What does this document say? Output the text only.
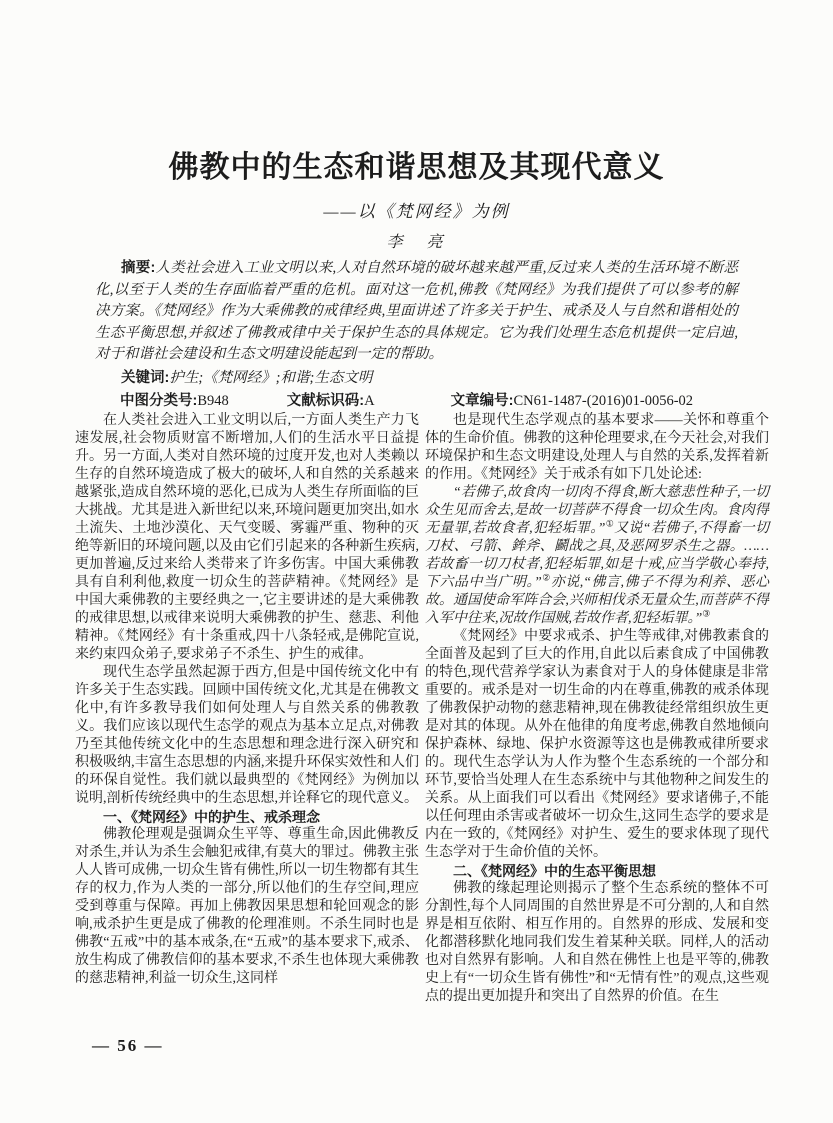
佛教中的生态和谐思想及其现代意义
——以《梵网经》为例
李　亮
摘要:人类社会进入工业文明以来,人对自然环境的破坏越来越严重,反过来人类的生活环境不断恶化,以至于人类的生存面临着严重的危机。面对这一危机,佛教《梵网经》为我们提供了可以参考的解决方案。《梵网经》作为大乘佛教的戒律经典,里面讲述了许多关于护生、戒杀及人与自然和谐相处的生态平衡思想,并叙述了佛教戒律中关于保护生态的具体规定。它为我们处理生态危机提供一定启迪,对于和谐社会建设和生态文明建设能起到一定的帮助。
关键词:护生;《梵网经》;和谐;生态文明
中图分类号:B948	文献标识码:A	文章编号:CN61-1487-(2016)01-0056-02

在人类社会进入工业文明以后,一方面人类生产力飞速发展,社会物质财富不断增加,人们的生活水平日益提升。另一方面,人类对自然环境的过度开发,也对人类赖以生存的自然环境造成了极大的破坏,人和自然的关系越来越紧张,造成自然环境的恶化,已成为人类生存所面临的巨大挑战。尤其是进入新世纪以来,环境问题更加突出,如水土流失、土地沙漠化、天气变暖、雾霾严重、物种的灭绝等新旧的环境问题,以及由它们引起来的各种新生疾病,更加普遍,反过来给人类带来了许多伤害。中国大乘佛教具有自利利他,救度一切众生的菩萨精神。《梵网经》是中国大乘佛教的主要经典之一,它主要讲述的是大乘佛教的戒律思想,以戒律来说明大乘佛教的护生、慈悲、利他精神。《梵网经》有十条重戒,四十八条轻戒,是佛陀宣说,来约束四众弟子,要求弟子不杀生、护生的戒律。

现代生态学虽然起源于西方,但是中国传统文化中有许多关于生态实践。回顾中国传统文化,尤其是在佛教文化中,有许多教导我们如何处理人与自然关系的佛教教义。我们应该以现代生态学的观点为基本立足点,对佛教乃至其他传统文化中的生态思想和理念进行深入研究和积极吸纳,丰富生态思想的内涵,来提升环保实效性和人们的环保自觉性。我们就以最典型的《梵网经》为例加以说明,剖析传统经典中的生态思想,并诠释它的现代意义。

一、《梵网经》中的护生、戒杀理念

佛教伦理观是强调众生平等、尊重生命,因此佛教反对杀生,并认为杀生会触犯戒律,有莫大的罪过。佛教主张人人皆可成佛,一切众生皆有佛性,所以一切生物都有其生存的权力,作为人类的一部分,所以他们的生存空间,理应受到尊重与保障。再加上佛教因果思想和轮回观念的影响,戒杀护生更是成了佛教的伦理准则。不杀生同时也是佛教“五戒”中的基本戒条,在“五戒”的基本要求下,戒杀、放生构成了佛教信仰的基本要求,不杀生也体现大乘佛教的慈悲精神,利益一切众生,这同样

也是现代生态学观点的基本要求——关怀和尊重个体的生命价值。佛教的这种伦理要求,在今天社会,对我们环境保护和生态文明建设,处理人与自然的关系,发挥着新的作用。《梵网经》关于戒杀有如下几处论述:

“若佛子,故食肉一切肉不得食,断大慈悲性种子,一切众生见而舍去,是故一切菩萨不得食一切众生肉。食肉得无量罪,若故食者,犯轻垢罪。”①又说“若佛子,不得畜一切刀杖、弓箭、鉾斧、鬬战之具,及恶网罗杀生之器。……若故畜一切刀杖者,犯轻垢罪,如是十戒,应当学敬心奉持,下六品中当广明。”②亦说,“佛言,佛子不得为利养、恶心故。通国使命军阵合会,兴师相伐杀无量众生,而菩萨不得入军中往来,况故作国贼,若故作者,犯轻垢罪。”③

《梵网经》中要求戒杀、护生等戒律,对佛教素食的全面普及起到了巨大的作用,自此以后素食成了中国佛教的特色,现代营养学家认为素食对于人的身体健康是非常重要的。戒杀是对一切生命的内在尊重,佛教的戒杀体现了佛教保护动物的慈悲精神,现在佛教徒经常组织放生更是对其的体现。从外在他律的角度考虑,佛教自然地倾向保护森林、绿地、保护水资源等这也是佛教戒律所要求的。现代生态学认为人作为整个生态系统的一个部分和环节,要恰当处理人在生态系统中与其他物种之间发生的关系。从上面我们可以看出《梵网经》要求诸佛子,不能以任何理由杀害或者破坏一切众生,这同生态学的要求是内在一致的,《梵网经》对护生、爱生的要求体现了现代生态学对于生命价值的关怀。

二、《梵网经》中的生态平衡思想

佛教的缘起理论则揭示了整个生态系统的整体不可分割性,每个人同周围的自然世界是不可分割的,人和自然界是相互依附、相互作用的。自然界的形成、发展和变化都潜移默化地同我们发生着某种关联。同样,人的活动也对自然界有影响。人和自然在佛性上也是平等的,佛教史上有“一切众生皆有佛性”和“无情有性”的观点,这些观点的提出更加提升和突出了自然界的价值。在生

— 56 —
